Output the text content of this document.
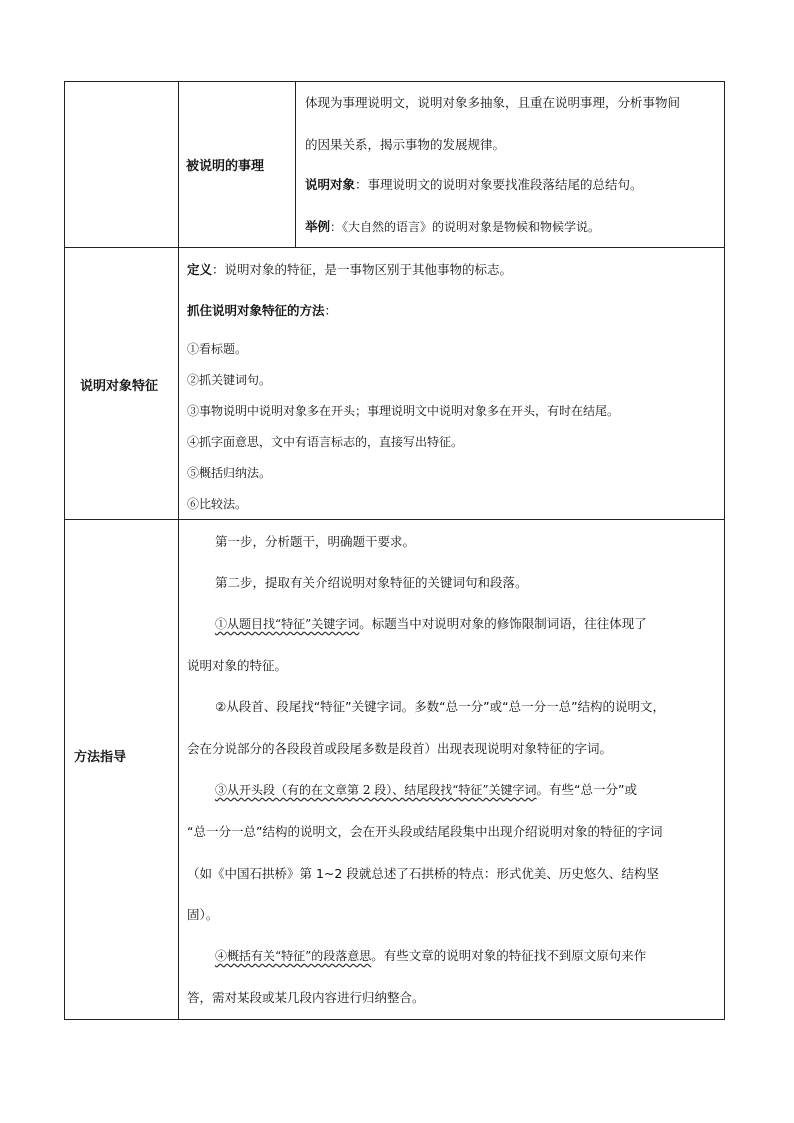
被说明的事理
体现为事理说明文，说明对象多抽象，且重在说明事理，分析事物间
的因果关系，揭示事物的发展规律。
说明对象：事理说明文的说明对象要找准段落结尾的总结句。
举例：《大自然的语言》的说明对象是物候和物候学说。
说明对象特征
定义：说明对象的特征，是一事物区别于其他事物的标志。
抓住说明对象特征的方法：
①看标题。
②抓关键词句。
③事物说明中说明对象多在开头；事理说明文中说明对象多在开头，有时在结尾。
④抓字面意思，文中有语言标志的，直接写出特征。
⑤概括归纳法。
⑥比较法。
方法指导
第一步，分析题干，明确题干要求。
第二步，提取有关介绍说明对象特征的关键词句和段落。
①从题目找“特征”关键字词。标题当中对说明对象的修饰限制词语，往往体现了
说明对象的特征。
②从段首、段尾找“特征”关键字词。多数“总一分”或“总一分一总”结构的说明文，
会在分说部分的各段段首或段尾多数是段首）出现表现说明对象特征的字词。
③从开头段（有的在文章第 2 段）、结尾段找“特征”关键字词。有些“总一分”或
“总一分一总”结构的说明文，会在开头段或结尾段集中出现介绍说明对象的特征的字词
（如《中国石拱桥》第 1~2 段就总述了石拱桥的特点：形式优美、历史悠久、结构坚
固）。
④概括有关“特征”的段落意思。有些文章的说明对象的特征找不到原文原句来作
答，需对某段或某几段内容进行归纳整合。
